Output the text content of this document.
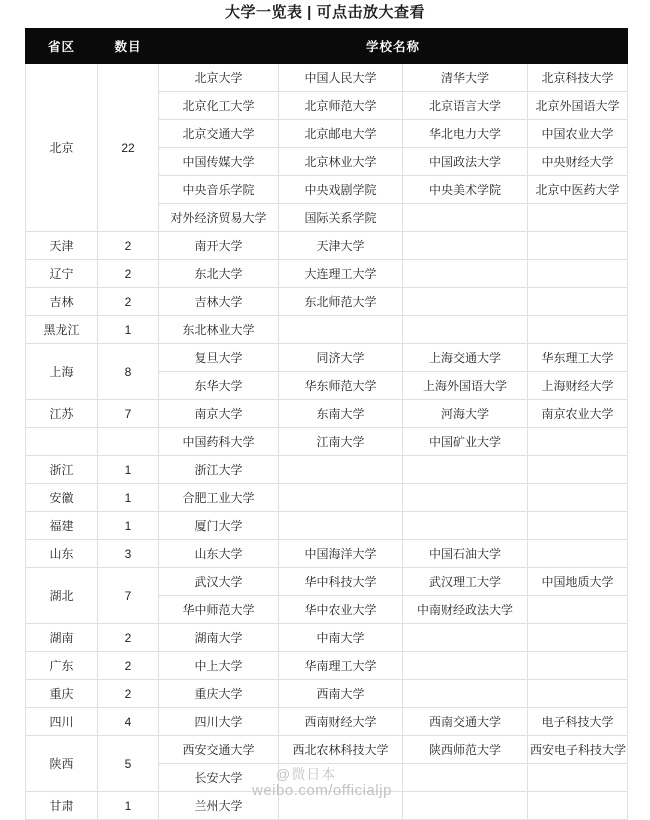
大学一览表 | 可点击放大查看
省区	数目	学校名称			
北京	22	北京大学	中国人民大学	清华大学	北京科技大学
		北京化工大学	北京师范大学	北京语言大学	北京外国语大学
		北京交通大学	北京邮电大学	华北电力大学	中国农业大学
		中国传媒大学	北京林业大学	中国政法大学	中央财经大学
		中央音乐学院	中央戏剧学院	中央美术学院	北京中医药大学
		对外经济贸易大学	国际关系学院		
天津	2	南开大学	天津大学		
辽宁	2	东北大学	大连理工大学		
吉林	2	吉林大学	东北师范大学		
黑龙江	1	东北林业大学			
上海	8	复旦大学	同济大学	上海交通大学	华东理工大学
		东华大学	华东师范大学	上海外国语大学	上海财经大学
江苏	7	南京大学	东南大学	河海大学	南京农业大学
		中国药科大学	江南大学	中国矿业大学	
浙江	1	浙江大学			
安徽	1	合肥工业大学			
福建	1	厦门大学			
山东	3	山东大学	中国海洋大学	中国石油大学	
湖北	7	武汉大学	华中科技大学	武汉理工大学	中国地质大学
		华中师范大学	华中农业大学	中南财经政法大学	
湖南	2	湖南大学	中南大学		
广东	2	中上大学	华南理工大学		
重庆	2	重庆大学	西南大学		
四川	4	四川大学	西南财经大学	西南交通大学	电子科技大学
陕西	5	西安交通大学	西北农林科技大学	陕西师范大学	西安电子科技大学
		长安大学			
甘肃	1	兰州大学			
@微日本
weibo.com/officialjp
